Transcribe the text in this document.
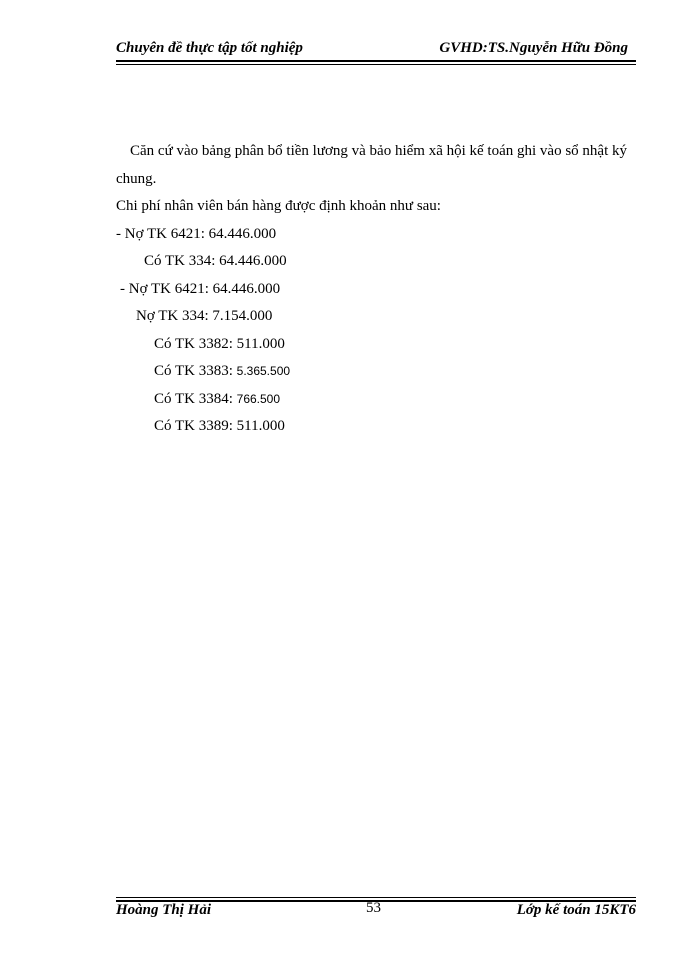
Chuyên đề thực tập tốt nghiệp	GVHD:TS.Nguyễn Hữu Đồng
Căn cứ vào bảng phân bổ tiền lương và bảo hiểm xã hội kế toán ghi vào sổ nhật ký chung.
Chi phí nhân viên bán hàng được định khoản như sau:
- Nợ TK 6421: 64.446.000
Có TK 334: 64.446.000
- Nợ TK 6421: 64.446.000
Nợ TK 334: 7.154.000
Có TK 3382: 511.000
Có TK 3383: 5.365.500
Có TK 3384: 766.500
Có TK 3389: 511.000
Hoàng Thị Hải	53	Lớp kế toán 15KT6
